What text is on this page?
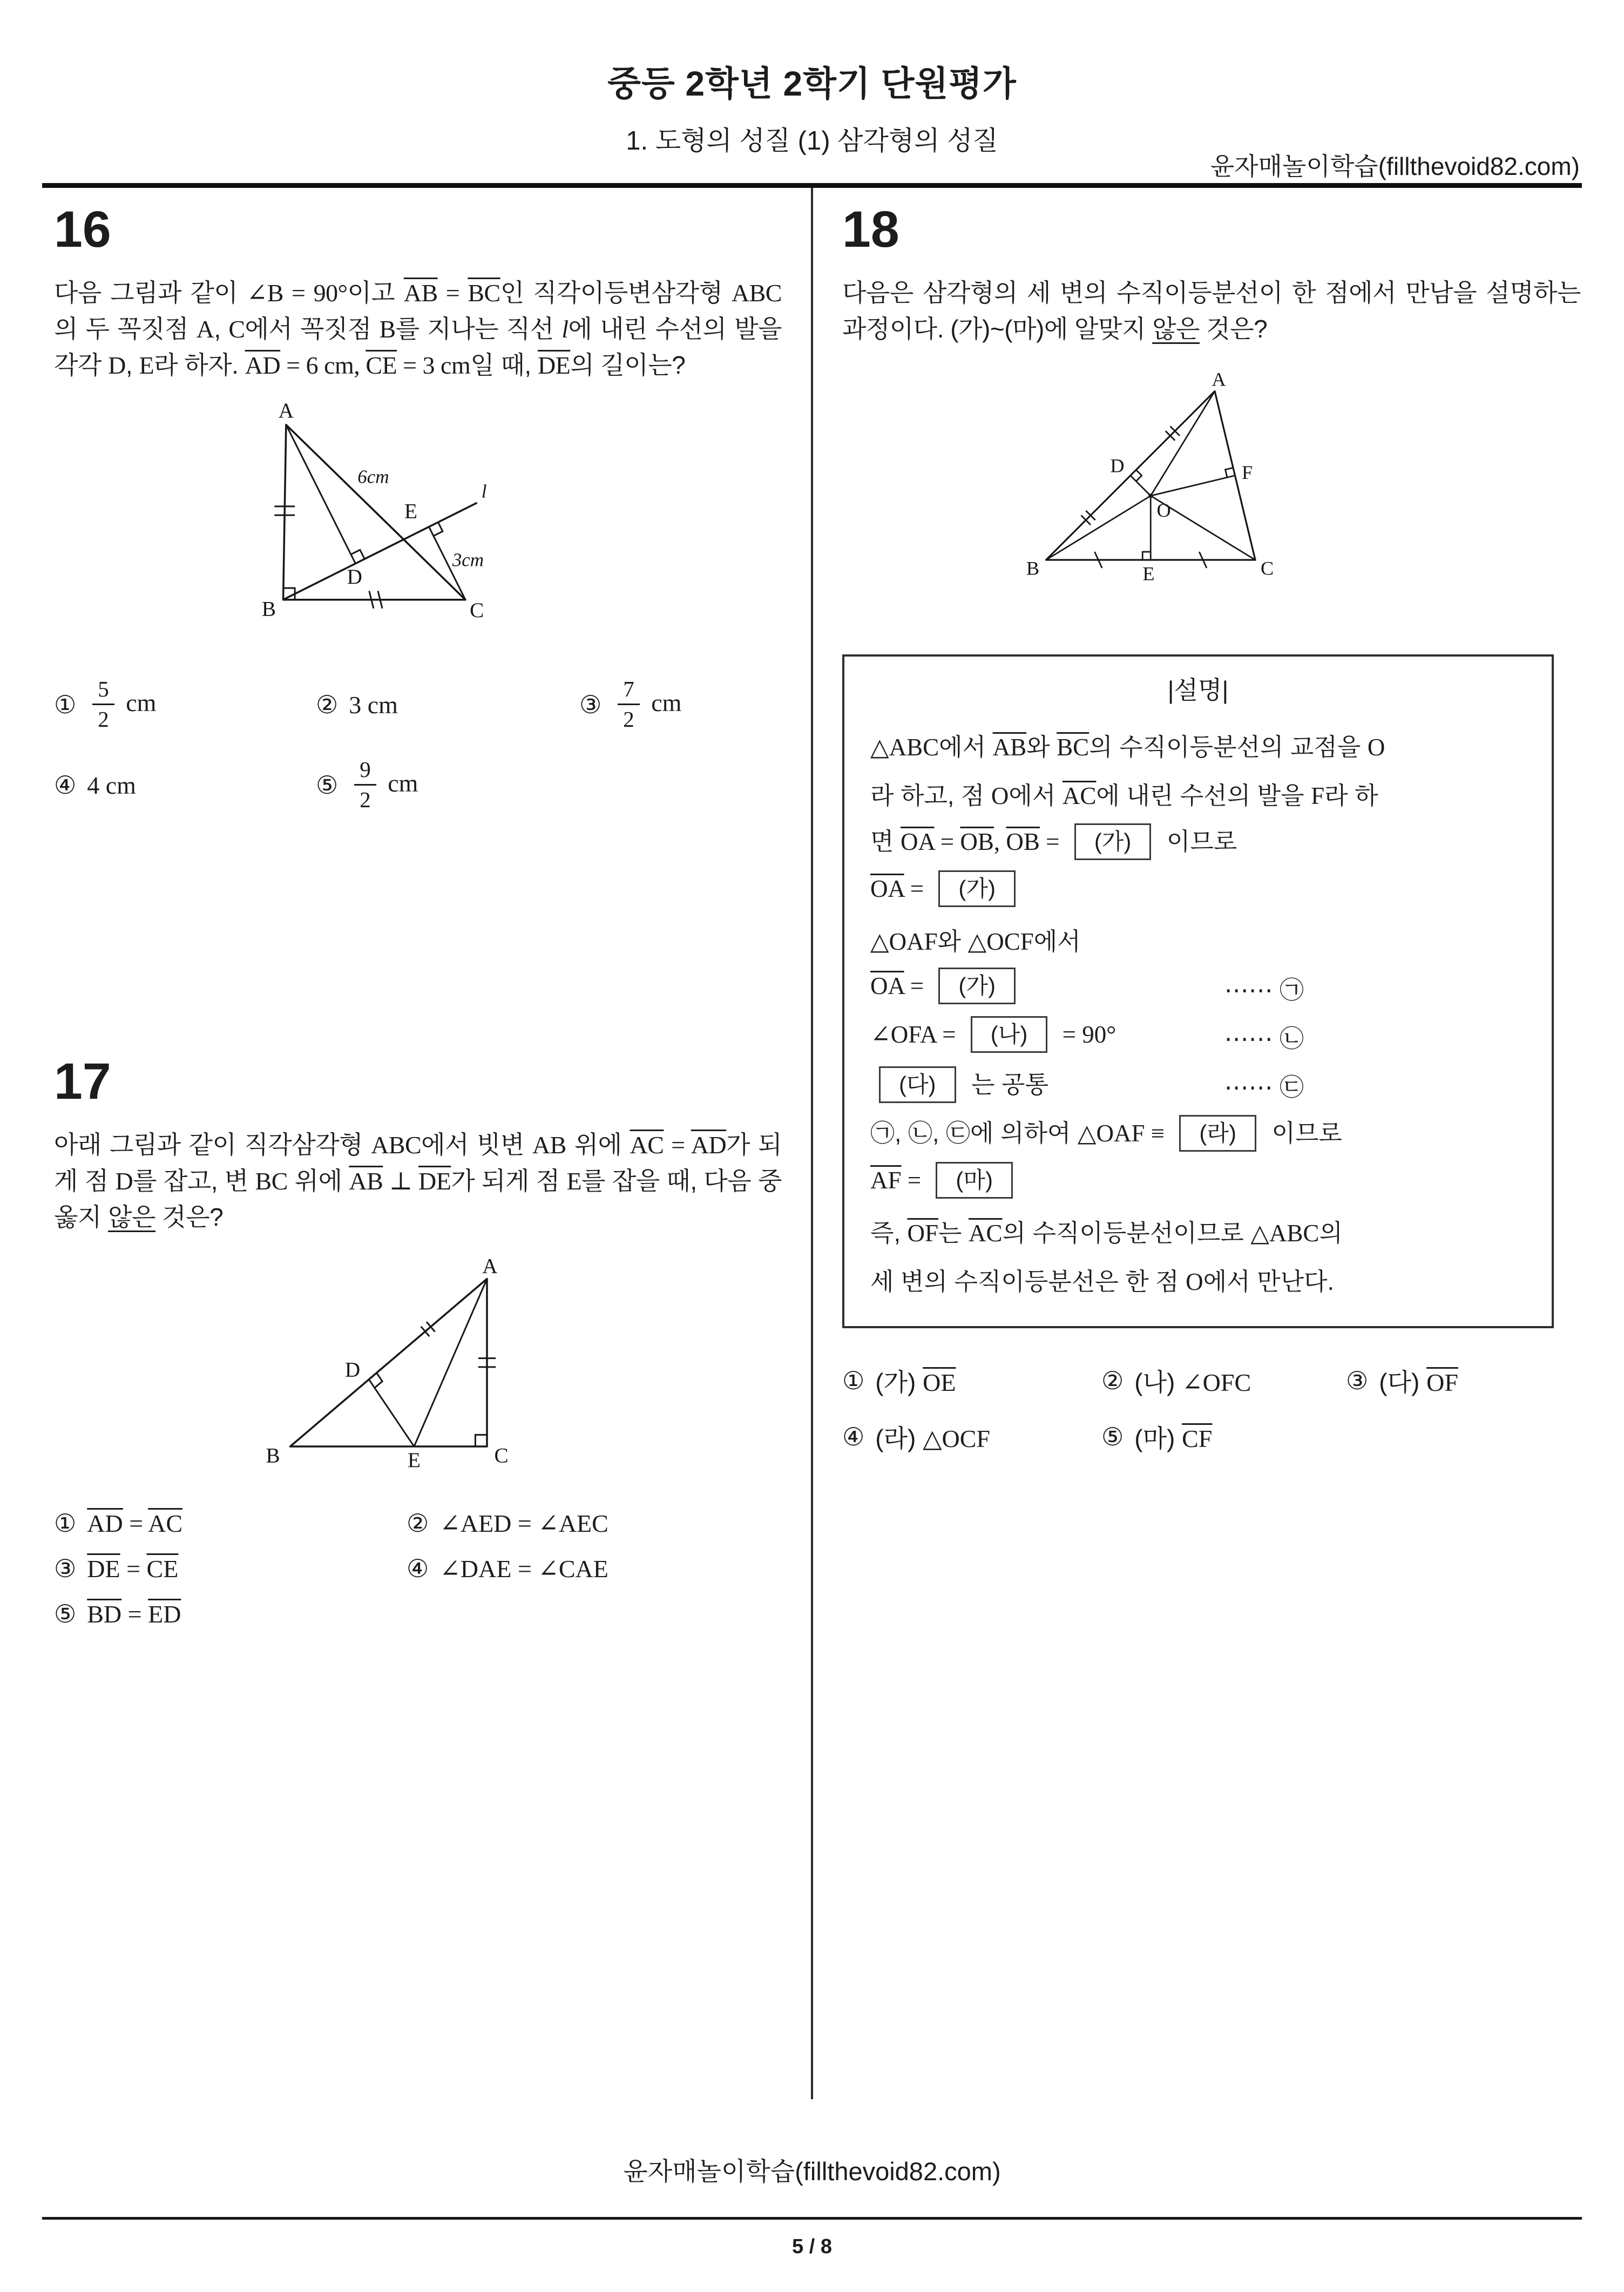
중등 2학년 2학기 단원평가
1. 도형의 성질 (1) 삼각형의 성질
윤자매놀이학습(fillthevoid82.com)
16
다음 그림과 같이 ∠B = 90°이고 $\overline{AB} = \overline{BC}$인 직각이등변삼각형 ABC의 두 꼭짓점 A, C에서 꼭짓점 B를 지나는 직선 l에 내린 수선의 발을 각각 D, E라 하자. $\overline{AD} = 6$ cm, $\overline{CE} = 3$ cm일 때, $\overline{DE}$의 길이는?
A
B	C
D
E
l
6cm
3cm
① $\frac{5}{2}$ cm	② 3 cm	③ $\frac{7}{2}$ cm
④ 4 cm	⑤ $\frac{9}{2}$ cm
17
아래 그림과 같이 직각삼각형 ABC에서 빗변 AB 위에 $\overline{AC} = \overline{AD}$가 되게 점 D를 잡고, 변 BC 위에 $\overline{AB}$ ⊥ $\overline{DE}$가 되게 점 E를 잡을 때, 다음 중 옳지 않은 것은?
A
B	C
D
E
① $\overline{AD} = \overline{AC}$	② ∠AED = ∠AEC
③ $\overline{DE} = \overline{CE}$	④ ∠DAE = ∠CAE
⑤ $\overline{BD} = \overline{ED}$
18
다음은 삼각형의 세 변의 수직이등분선이 한 점에서 만남을 설명하는 과정이다. (가)~(마)에 알맞지 않은 것은?
A
B	C
D	F
O
E
|설명|
△ABC에서 $\overline{AB}$와 $\overline{BC}$의 수직이등분선의 교점을 O
라 하고, 점 O에서 $\overline{AC}$에 내린 수선의 발을 F라 하
면 $\overline{OA} = \overline{OB}$, $\overline{OB}$ = (가) 이므로
$\overline{OA}$ = (가)
△OAF와 △OCF에서
$\overline{OA}$ = (가)	⋯⋯ ㉠
∠OFA = (나) = 90°	⋯⋯ ㉡
(다) 는 공통	⋯⋯ ㉢
㉠, ㉡, ㉢에 의하여 △OAF ≡ (라) 이므로
$\overline{AF}$ = (마)
즉, $\overline{OF}$는 $\overline{AC}$의 수직이등분선이므로 △ABC의
세 변의 수직이등분선은 한 점 O에서 만난다.
① (가) $\overline{OE}$	② (나) ∠OFC	③ (다) $\overline{OF}$
④ (라) △OCF	⑤ (마) $\overline{CF}$
윤자매놀이학습(fillthevoid82.com)
5 / 8
